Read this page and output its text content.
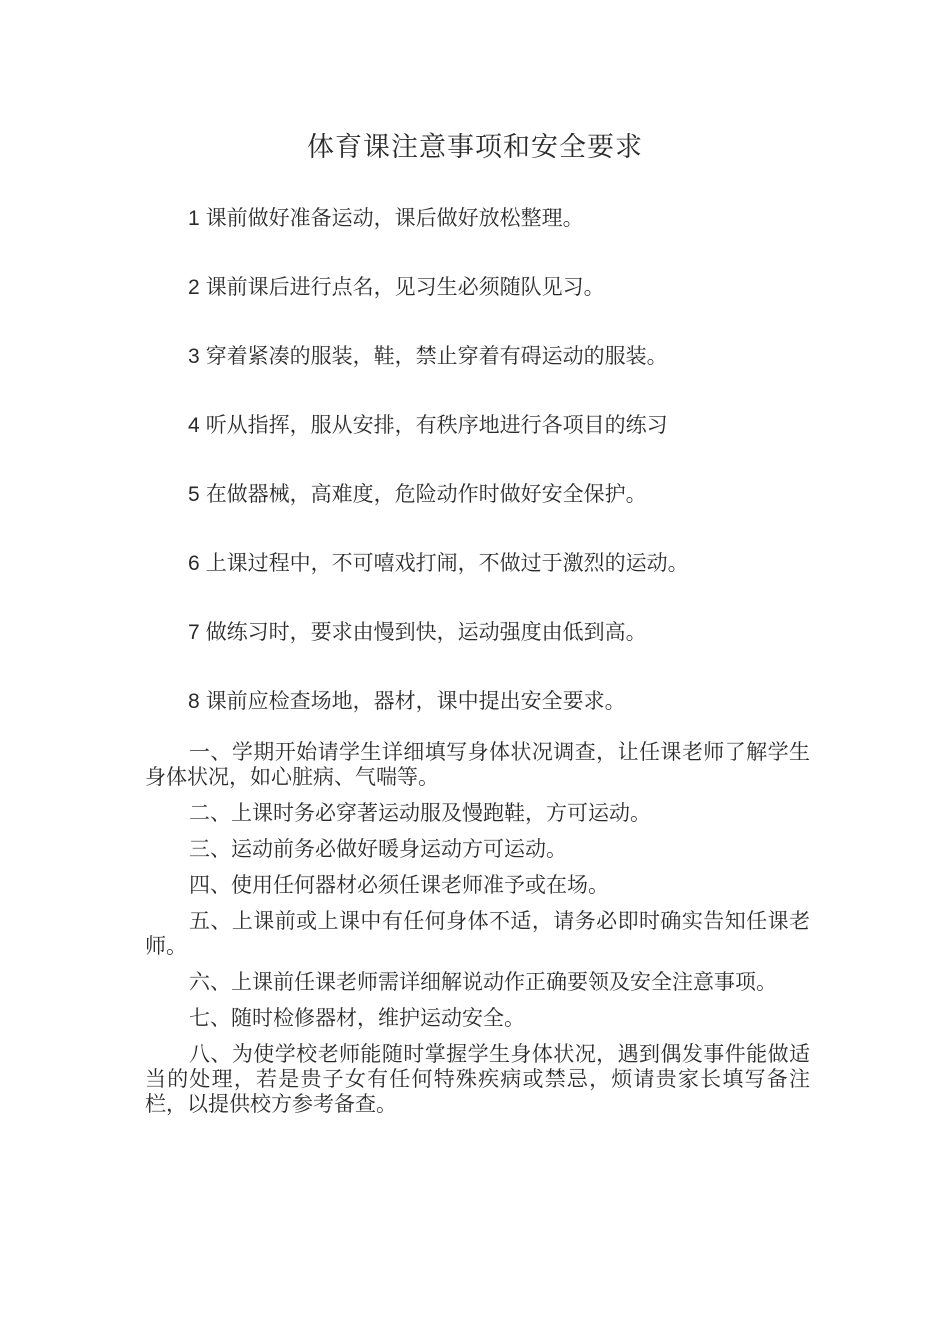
体育课注意事项和安全要求
1 课前做好准备运动，课后做好放松整理。
2 课前课后进行点名，见习生必须随队见习。
3 穿着紧凑的服装，鞋，禁止穿着有碍运动的服装。
4 听从指挥，服从安排，有秩序地进行各项目的练习
5 在做器械，高难度，危险动作时做好安全保护。
6 上课过程中，不可嘻戏打闹，不做过于激烈的运动。
7 做练习时，要求由慢到快，运动强度由低到高。
8 课前应检查场地，器材，课中提出安全要求。

一、学期开始请学生详细填写身体状况调查，让任课老师了解学生身体状况，如心脏病、气喘等。

二、上课时务必穿著运动服及慢跑鞋，方可运动。

三、运动前务必做好暖身运动方可运动。

四、使用任何器材必须任课老师准予或在场。

五、上课前或上课中有任何身体不适，请务必即时确实告知任课老师。

六、上课前任课老师需详细解说动作正确要领及安全注意事项。

七、随时检修器材，维护运动安全。

八、为使学校老师能随时掌握学生身体状况，遇到偶发事件能做适当的处理，若是贵子女有任何特殊疾病或禁忌，烦请贵家长填写备注栏，以提供校方参考备查。
